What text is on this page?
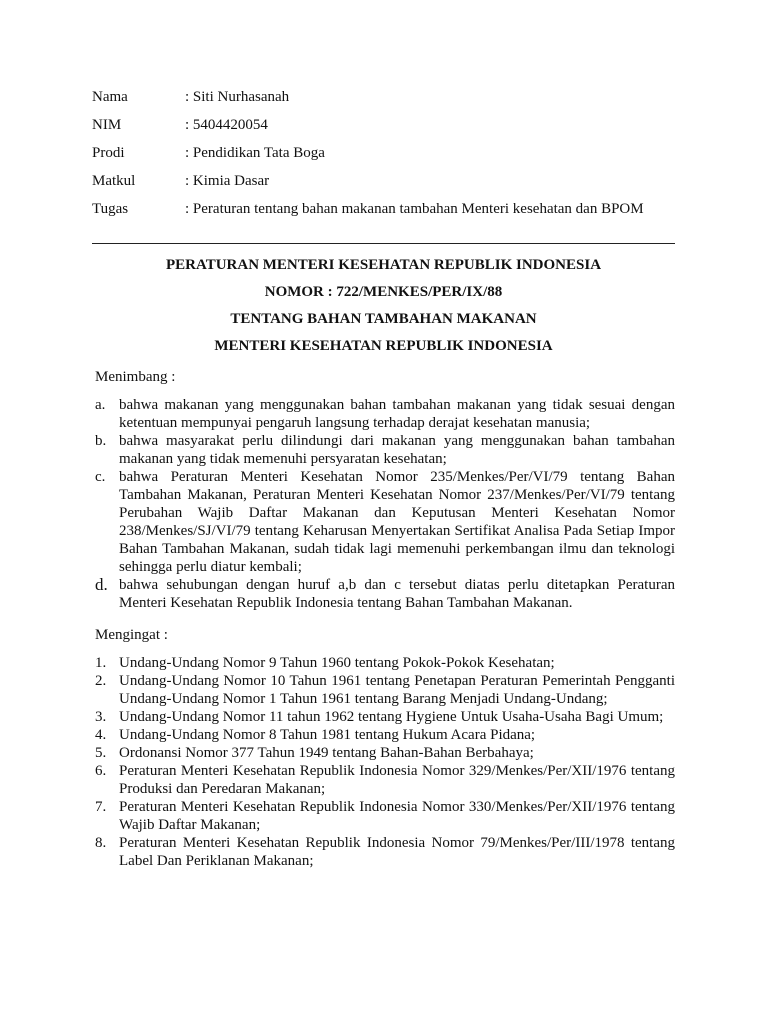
Nama	: Siti Nurhasanah
NIM	: 5404420054
Prodi	: Pendidikan Tata Boga
Matkul	: Kimia Dasar
Tugas	: Peraturan tentang bahan makanan tambahan Menteri kesehatan dan BPOM
PERATURAN MENTERI KESEHATAN REPUBLIK INDONESIA
NOMOR : 722/MENKES/PER/IX/88
TENTANG BAHAN TAMBAHAN MAKANAN
MENTERI KESEHATAN REPUBLIK INDONESIA
Menimbang :
a. bahwa makanan yang menggunakan bahan tambahan makanan yang tidak sesuai dengan ketentuan mempunyai pengaruh langsung terhadap derajat kesehatan manusia;
b. bahwa masyarakat perlu dilindungi dari makanan yang menggunakan bahan tambahan makanan yang tidak memenuhi persyaratan kesehatan;
c. bahwa Peraturan Menteri Kesehatan Nomor 235/Menkes/Per/VI/79 tentang Bahan Tambahan Makanan, Peraturan Menteri Kesehatan Nomor 237/Menkes/Per/VI/79 tentang Perubahan Wajib Daftar Makanan dan Keputusan Menteri Kesehatan Nomor 238/Menkes/SJ/VI/79 tentang Keharusan Menyertakan Sertifikat Analisa Pada Setiap Impor Bahan Tambahan Makanan, sudah tidak lagi memenuhi perkembangan ilmu dan teknologi sehingga perlu diatur kembali;
d. bahwa sehubungan dengan huruf a,b dan c tersebut diatas perlu ditetapkan Peraturan Menteri Kesehatan Republik Indonesia tentang Bahan Tambahan Makanan.
Mengingat :
1. Undang-Undang Nomor 9 Tahun 1960 tentang Pokok-Pokok Kesehatan;
2. Undang-Undang Nomor 10 Tahun 1961 tentang Penetapan Peraturan Pemerintah Pengganti Undang-Undang Nomor 1 Tahun 1961 tentang Barang Menjadi Undang-Undang;
3. Undang-Undang Nomor 11 tahun 1962 tentang Hygiene Untuk Usaha-Usaha Bagi Umum;
4. Undang-Undang Nomor 8 Tahun 1981 tentang Hukum Acara Pidana;
5. Ordonansi Nomor 377 Tahun 1949 tentang Bahan-Bahan Berbahaya;
6. Peraturan Menteri Kesehatan Republik Indonesia Nomor 329/Menkes/Per/XII/1976 tentang Produksi dan Peredaran Makanan;
7. Peraturan Menteri Kesehatan Republik Indonesia Nomor 330/Menkes/Per/XII/1976 tentang Wajib Daftar Makanan;
8. Peraturan Menteri Kesehatan Republik Indonesia Nomor 79/Menkes/Per/III/1978 tentang Label Dan Periklanan Makanan;
